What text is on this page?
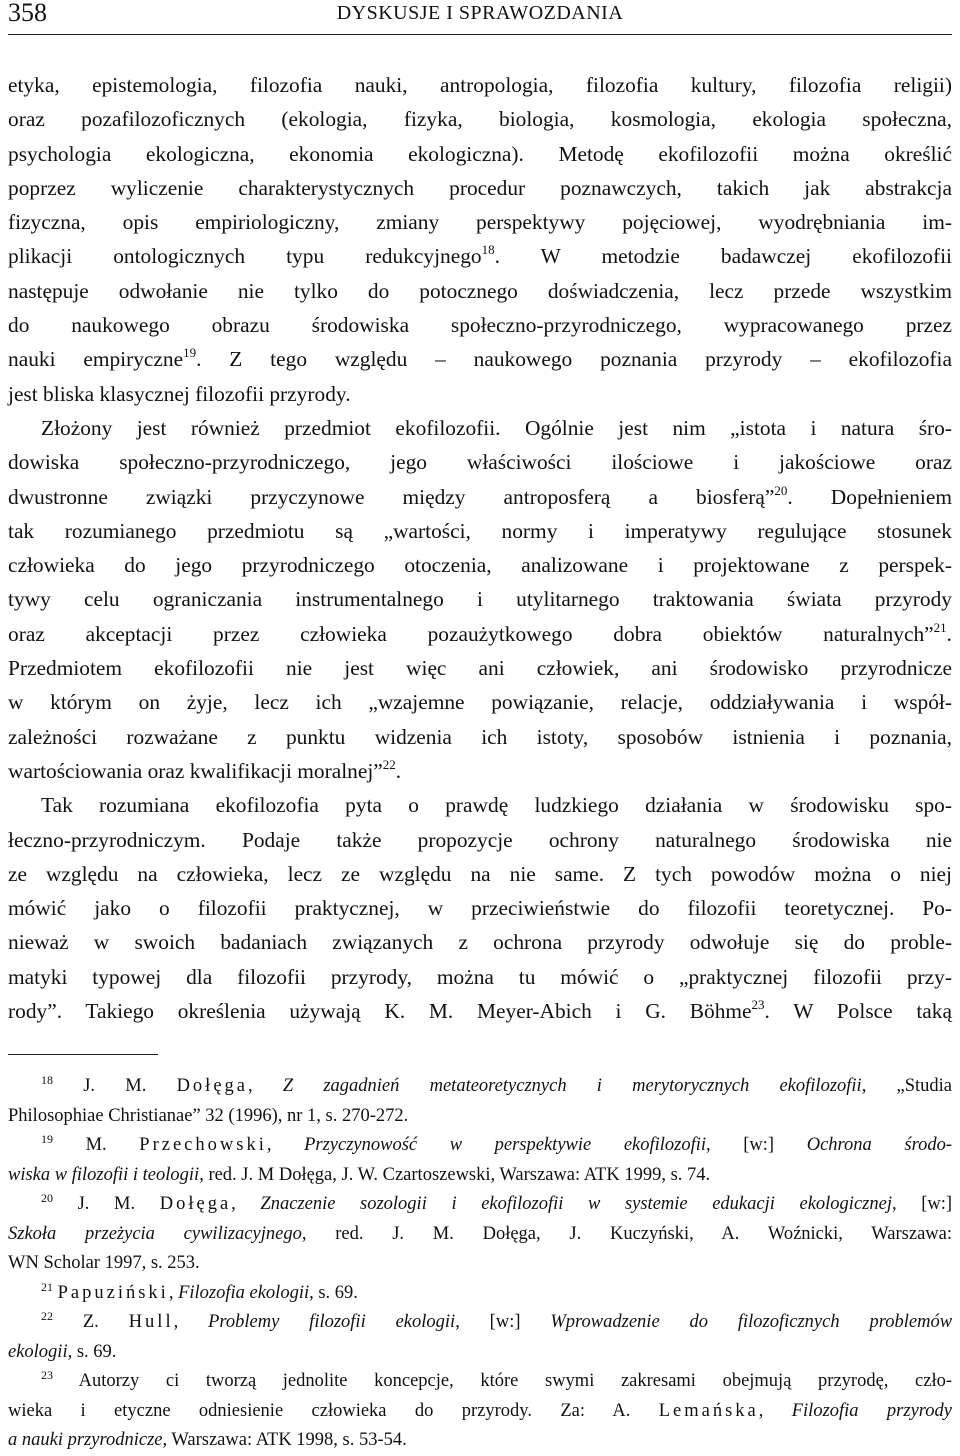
358	DYSKUSJE I SPRAWOZDANIA
etyka, epistemologia, filozofia nauki, antropologia, filozofia kultury, filozofia religii)
oraz pozafilozoficznych (ekologia, fizyka, biologia, kosmologia, ekologia społeczna,
psychologia ekologiczna, ekonomia ekologiczna). Metodę ekofilozofii można określić
poprzez wyliczenie charakterystycznych procedur poznawczych, takich jak abstrakcja
fizyczna, opis empiriologiczny, zmiany perspektywy pojęciowej, wyodrębniania im-
plikacji ontologicznych typu redukcyjnego$^{18}$. W metodzie badawczej ekofilozofii
następuje odwołanie nie tylko do potocznego doświadczenia, lecz przede wszystkim
do naukowego obrazu środowiska społeczno-przyrodniczego, wypracowanego przez
nauki empiryczne$^{19}$. Z tego względu – naukowego poznania przyrody – ekofilozofia
jest bliska klasycznej filozofii przyrody.
Złożony jest również przedmiot ekofilozofii. Ogólnie jest nim „istota i natura śro-
dowiska społeczno-przyrodniczego, jego właściwości ilościowe i jakościowe oraz
dwustronne związki przyczynowe między antroposferą a biosferą”$^{20}$. Dopełnieniem
tak rozumianego przedmiotu są „wartości, normy i imperatywy regulujące stosunek
człowieka do jego przyrodniczego otoczenia, analizowane i projektowane z perspek-
tywy celu ograniczania instrumentalnego i utylitarnego traktowania świata przyrody
oraz akceptacji przez człowieka pozaużytkowego dobra obiektów naturalnych”$^{21}$.
Przedmiotem ekofilozofii nie jest więc ani człowiek, ani środowisko przyrodnicze
w którym on żyje, lecz ich „wzajemne powiązanie, relacje, oddziaływania i współ-
zależności rozważane z punktu widzenia ich istoty, sposobów istnienia i poznania,
wartościowania oraz kwalifikacji moralnej”$^{22}$.
Tak rozumiana ekofilozofia pyta o prawdę ludzkiego działania w środowisku spo-
łeczno-przyrodniczym. Podaje także propozycje ochrony naturalnego środowiska nie
ze względu na człowieka, lecz ze względu na nie same. Z tych powodów można o niej
mówić jako o filozofii praktycznej, w przeciwieństwie do filozofii teoretycznej. Po-
nieważ w swoich badaniach związanych z ochrona przyrody odwołuje się do proble-
matyki typowej dla filozofii przyrody, można tu mówić o „praktycznej filozofii przy-
rody”. Takiego określenia używają K. M. Meyer-Abich i G. Böhme$^{23}$. W Polsce taką
$^{18}$ J. M. Dołęga, Z zagadnień metateoretycznych i merytorycznych ekofilozofii, „Studia
Philosophiae Christianae” 32 (1996), nr 1, s. 270-272.
$^{19}$ M. Przechowski, Przyczynowość w perspektywie ekofilozofii, [w:] Ochrona środo-
wiska w filozofii i teologii, red. J. M Dołęga, J. W. Czartoszewski, Warszawa: ATK 1999, s. 74.
$^{20}$ J. M. Dołęga, Znaczenie sozologii i ekofilozofii w systemie edukacji ekologicznej, [w:]
Szkoła przeżycia cywilizacyjnego, red. J. M. Dołęga, J. Kuczyński, A. Woźnicki, Warszawa:
WN Scholar 1997, s. 253.
$^{21}$ Papuziński, Filozofia ekologii, s. 69.
$^{22}$ Z. Hull, Problemy filozofii ekologii, [w:] Wprowadzenie do filozoficznych problemów
ekologii, s. 69.
$^{23}$ Autorzy ci tworzą jednolite koncepcje, które swymi zakresami obejmują przyrodę, czło-
wieka i etyczne odniesienie człowieka do przyrody. Za: A. Lemańska, Filozofia przyrody
a nauki przyrodnicze, Warszawa: ATK 1998, s. 53-54.
